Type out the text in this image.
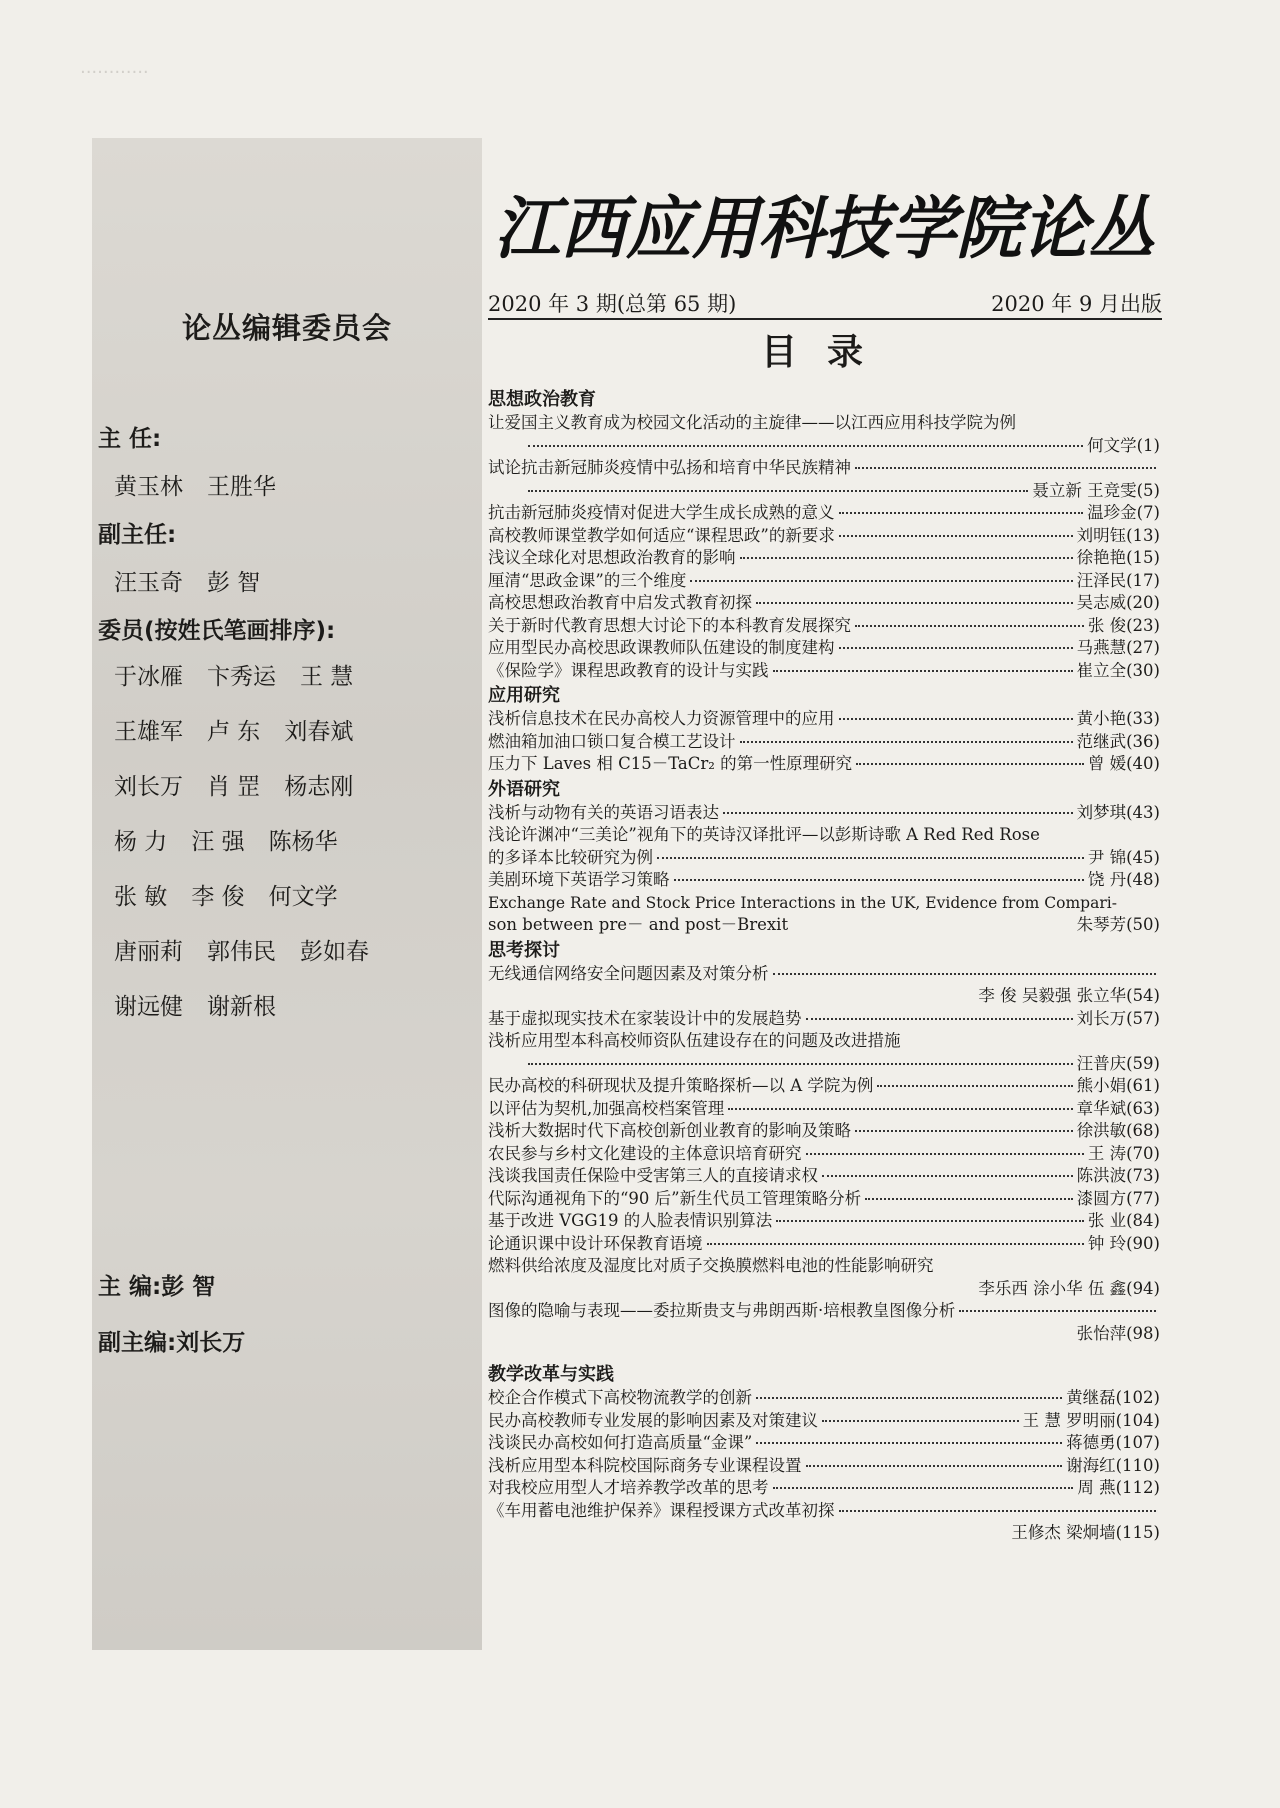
············
论丛编辑委员会
主 任:
黄玉林 王胜华
副主任:
汪玉奇 彭 智
委员(按姓氏笔画排序):
于冰雁 卞秀运 王 慧
王雄军 卢 东 刘春斌
刘长万 肖 罡 杨志刚
杨 力 汪 强 陈杨华
张 敏 李 俊 何文学
唐丽莉 郭伟民 彭如春
谢远健 谢新根
主 编:彭 智
副主编:刘长万
江西应用科技学院论丛
2020 年 3 期(总第 65 期)	2020 年 9 月出版
目录
思想政治教育
让爱国主义教育成为校园文化活动的主旋律——以江西应用科技学院为例
何文学(1)
试论抗击新冠肺炎疫情中弘扬和培育中华民族精神
聂立新 王竞雯(5)
抗击新冠肺炎疫情对促进大学生成长成熟的意义	温珍金(7)
高校教师课堂教学如何适应“课程思政”的新要求	刘明钰(13)
浅议全球化对思想政治教育的影响	徐艳艳(15)
厘清“思政金课”的三个维度	汪泽民(17)
高校思想政治教育中启发式教育初探	吴志威(20)
关于新时代教育思想大讨论下的本科教育发展探究	张 俊(23)
应用型民办高校思政课教师队伍建设的制度建构	马燕慧(27)
《保险学》课程思政教育的设计与实践	崔立全(30)
应用研究
浅析信息技术在民办高校人力资源管理中的应用	黄小艳(33)
燃油箱加油口锁口复合模工艺设计	范继武(36)
压力下 Laves 相 C15－TaCr₂ 的第一性原理研究	曾 媛(40)
外语研究
浅析与动物有关的英语习语表达	刘梦琪(43)
浅论许渊冲“三美论”视角下的英诗汉译批评—以彭斯诗歌 A Red Red Rose
的多译本比较研究为例	尹 锦(45)
美剧环境下英语学习策略	饶 丹(48)
Exchange Rate and Stock Price Interactions in the UK, Evidence from Compari-
son between pre－ and post－Brexit	朱琴芳(50)
思考探讨
无线通信网络安全问题因素及对策分析
李 俊 吴毅强 张立华(54)
基于虚拟现实技术在家装设计中的发展趋势	刘长万(57)
浅析应用型本科高校师资队伍建设存在的问题及改进措施
汪普庆(59)
民办高校的科研现状及提升策略探析—以 A 学院为例	熊小娟(61)
以评估为契机,加强高校档案管理	章华斌(63)
浅析大数据时代下高校创新创业教育的影响及策略	徐洪敏(68)
农民参与乡村文化建设的主体意识培育研究	王 涛(70)
浅谈我国责任保险中受害第三人的直接请求权	陈洪波(73)
代际沟通视角下的“90 后”新生代员工管理策略分析	漆圆方(77)
基于改进 VGG19 的人脸表情识别算法	张 业(84)
论通识课中设计环保教育语境	钟 玲(90)
燃料供给浓度及湿度比对质子交换膜燃料电池的性能影响研究
李乐西 涂小华 伍 鑫(94)
图像的隐喻与表现——委拉斯贵支与弗朗西斯·培根教皇图像分析
张怡萍(98)
教学改革与实践
校企合作模式下高校物流教学的创新	黄继磊(102)
民办高校教师专业发展的影响因素及对策建议	王 慧 罗明丽(104)
浅谈民办高校如何打造高质量“金课”	蒋德勇(107)
浅析应用型本科院校国际商务专业课程设置	谢海红(110)
对我校应用型人才培养教学改革的思考	周 燕(112)
《车用蓄电池维护保养》课程授课方式改革初探
王修杰 梁炯墙(115)
